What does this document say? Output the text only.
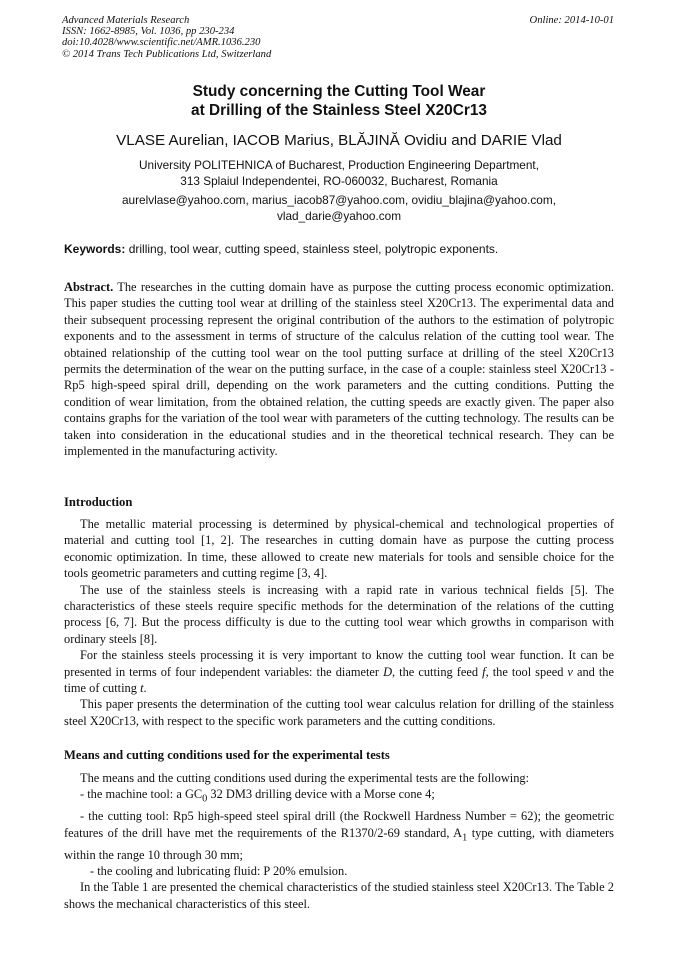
Advanced Materials Research
ISSN: 1662-8985, Vol. 1036, pp 230-234
doi:10.4028/www.scientific.net/AMR.1036.230
© 2014 Trans Tech Publications Ltd, Switzerland
Online: 2014-10-01
Study concerning the Cutting Tool Wear
at Drilling of the Stainless Steel X20Cr13
VLASE Aurelian, IACOB Marius, BLĂJINĂ Ovidiu and DARIE Vlad
University POLITEHNICA of Bucharest, Production Engineering Department,
313 Splaiul Independentei, RO-060032, Bucharest, Romania
aurelvlase@yahoo.com, marius_iacob87@yahoo.com, ovidiu_blajina@yahoo.com,
vlad_darie@yahoo.com
Keywords: drilling, tool wear, cutting speed, stainless steel, polytropic exponents.
Abstract. The researches in the cutting domain have as purpose the cutting process economic optimization. This paper studies the cutting tool wear at drilling of the stainless steel X20Cr13. The experimental data and their subsequent processing represent the original contribution of the authors to the estimation of polytropic exponents and to the assessment in terms of structure of the calculus relation of the cutting tool wear. The obtained relationship of the cutting tool wear on the tool putting surface at drilling of the steel X20Cr13 permits the determination of the wear on the putting surface, in the case of a couple: stainless steel X20Cr13 - Rp5 high-speed spiral drill, depending on the work parameters and the cutting conditions. Putting the condition of wear limitation, from the obtained relation, the cutting speeds are exactly given. The paper also contains graphs for the variation of the tool wear with parameters of the cutting technology. The results can be taken into consideration in the educational studies and in the theoretical technical research. They can be implemented in the manufacturing activity.
Introduction

The metallic material processing is determined by physical-chemical and technological properties of material and cutting tool [1, 2]. The researches in cutting domain have as purpose the cutting process economic optimization. In time, these allowed to create new materials for tools and sensible choice for the tools geometric parameters and cutting regime [3, 4].

The use of the stainless steels is increasing with a rapid rate in various technical fields [5]. The characteristics of these steels require specific methods for the determination of the relations of the cutting process [6, 7]. But the process difficulty is due to the cutting tool wear which growths in comparison with ordinary steels [8].

For the stainless steels processing it is very important to know the cutting tool wear function. It can be presented in terms of four independent variables: the diameter D, the cutting feed f, the tool speed v and the time of cutting t.

This paper presents the determination of the cutting tool wear calculus relation for drilling of the stainless steel X20Cr13, with respect to the specific work parameters and the cutting conditions.

Means and cutting conditions used for the experimental tests

The means and the cutting conditions used during the experimental tests are the following:

- the machine tool: a $GC_0$ 32 DM3 drilling device with a Morse cone 4;

- the cutting tool: Rp5 high-speed steel spiral drill (the Rockwell Hardness Number = 62); the geometric features of the drill have met the requirements of the R1370/2-69 standard, $A_1$ type cutting, with diameters within the range 10 through 30 mm;

- the cooling and lubricating fluid: P 20% emulsion.

In the Table 1 are presented the chemical characteristics of the studied stainless steel X20Cr13. The Table 2 shows the mechanical characteristics of this steel.
